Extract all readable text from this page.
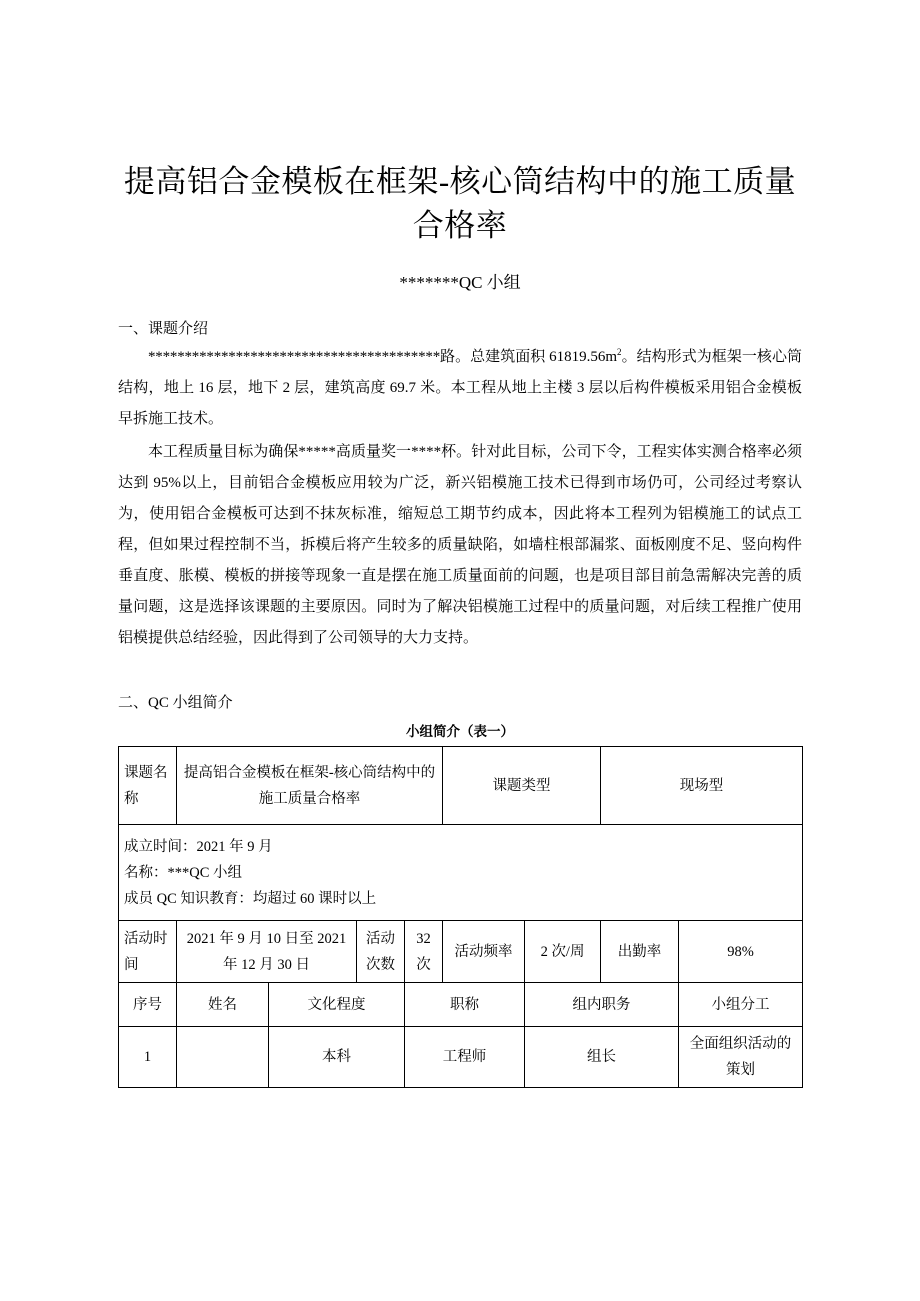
提高铝合金模板在框架-核心筒结构中的施工质量合格率

*******QC 小组

一、课题介绍

****************************************路。总建筑面积 $61819.56m^2$。结构形式为框架一核心筒结构，地上 16 层，地下 2 层，建筑高度 69.7 米。本工程从地上主楼 3 层以后构件模板采用铝合金模板早拆施工技术。

本工程质量目标为确保*****高质量奖一****杯。针对此目标，公司下令，工程实体实测合格率必须达到 95%以上，目前铝合金模板应用较为广泛，新兴铝模施工技术已得到市场仍可，公司经过考察认为，使用铝合金模板可达到不抹灰标准，缩短总工期节约成本，因此将本工程列为铝模施工的试点工程，但如果过程控制不当，拆模后将产生较多的质量缺陷，如墙柱根部漏浆、面板刚度不足、竖向构件垂直度、胀模、模板的拼接等现象一直是摆在施工质量面前的问题，也是项目部目前急需解决完善的质量问题，这是选择该课题的主要原因。同时为了解决铝模施工过程中的质量问题，对后续工程推广使用铝模提供总结经验，因此得到了公司领导的大力支持。

二、QC 小组简介

小组简介（表一）

课题名称	提高铝合金模板在框架-核心筒结构中的施工质量合格率				课题类型		现场型	

成立时间：2021 年 9 月
名称：***QC 小组
成员 QC 知识教育：均超过 60 课时以上								

活动时间	2021 年 9 月 10 日至 2021 年 12 月 30 日		活动次数	32 次	活动频率	2 次/周	出勤率	98%
序号	姓名	文化程度		职称		组内职务		小组分工
1		本科		工程师		组长		全面组织活动的策划
